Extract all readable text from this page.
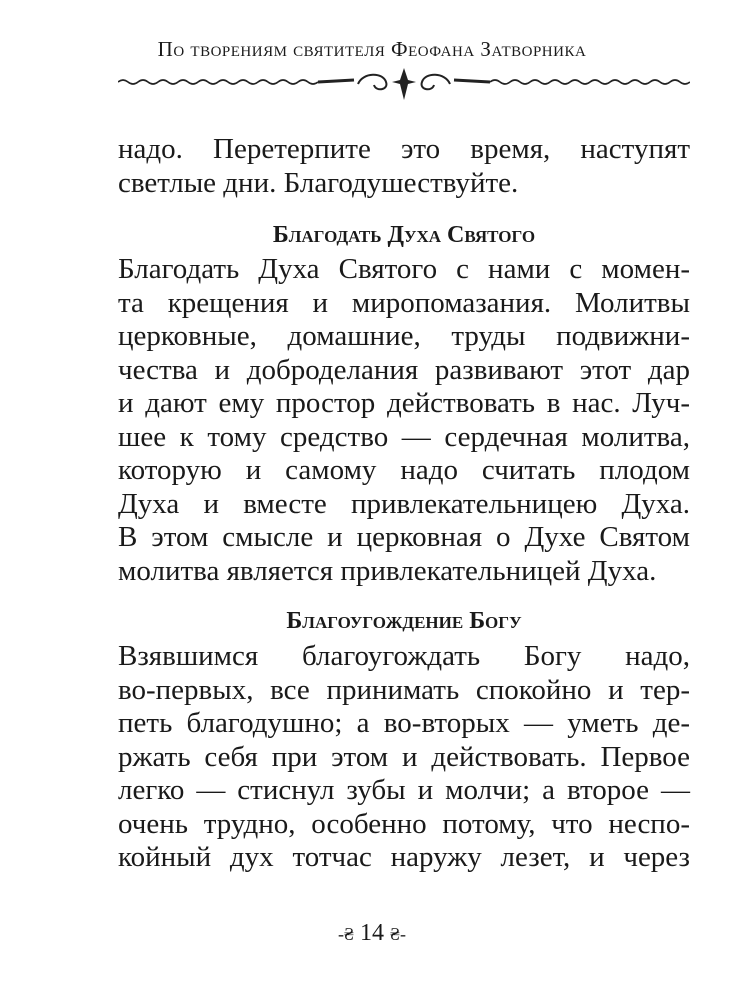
По творениям святителя Феофана Затворника
надо. Перетерпите это время, наступят
светлые дни. Благодушествуйте.
Благодать Духа Святого
Благодать Духа Святого с нами с момен-
та крещения и миропомазания. Молитвы
церковные, домашние, труды подвижни-
чества и доброделания развивают этот дар
и дают ему простор действовать в нас. Луч-
шее к тому средство — сердечная молитва,
которую и самому надо считать плодом
Духа и вместе привлекательницею Духа.
В этом смысле и церковная о Духе Святом
молитва является привлекательницей Духа.
Благоугождение Богу
Взявшимся благоугождать Богу надо,
во-первых, все принимать спокойно и тер-
петь благодушно; а во-вторых — уметь де-
ржать себя при этом и действовать. Первое
легко — стиснул зубы и молчи; а второе —
очень трудно, особенно потому, что неспо-
койный дух тотчас наружу лезет, и через
-₴ 14 ₴-
